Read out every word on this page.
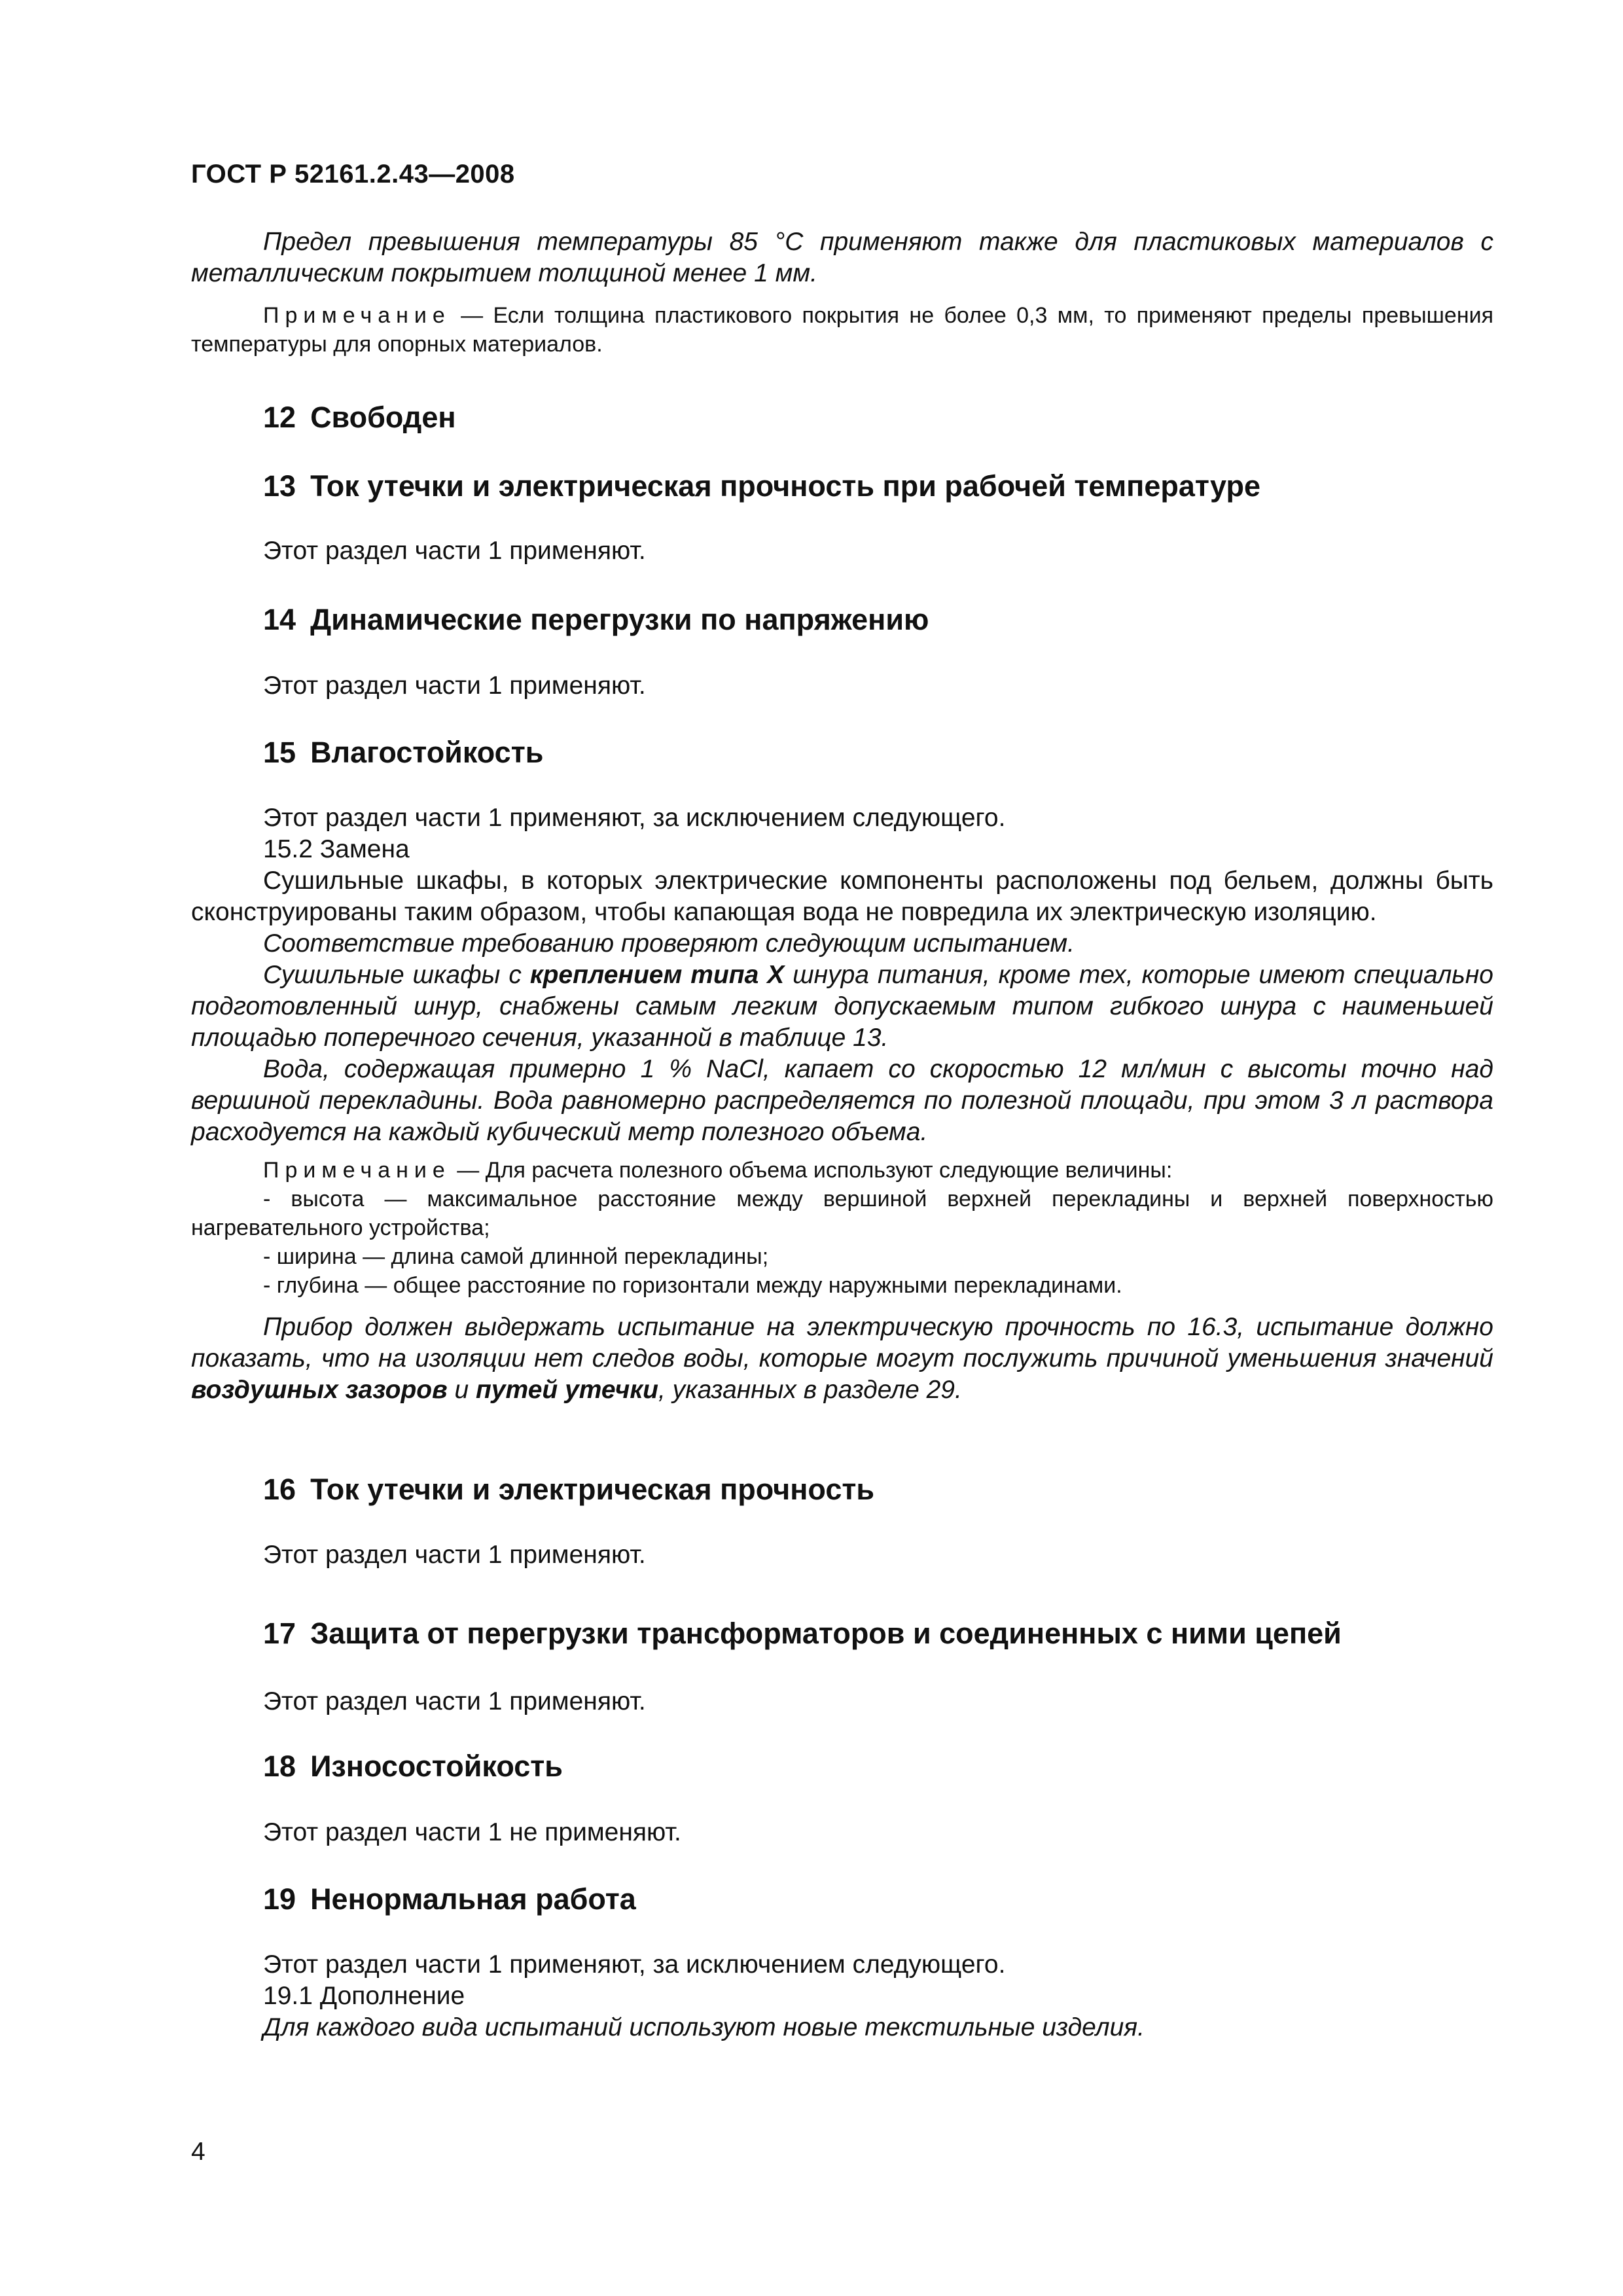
ГОСТ Р 52161.2.43—2008

Предел превышения температуры 85 °С применяют также для пластиковых материалов с металлическим покрытием толщиной менее 1 мм.

Примечание — Если толщина пластикового покрытия не более 0,3 мм, то применяют пределы превышения температуры для опорных материалов.

12 Свободен
13 Ток утечки и электрическая прочность при рабочей температуре

Этот раздел части 1 применяют.

14 Динамические перегрузки по напряжению

Этот раздел части 1 применяют.

15 Влагостойкость

Этот раздел части 1 применяют, за исключением следующего.

15.2 Замена

Сушильные шкафы, в которых электрические компоненты расположены под бельем, должны быть сконструированы таким образом, чтобы капающая вода не повредила их электрическую изоляцию.

Соответствие требованию проверяют следующим испытанием.

Сушильные шкафы с креплением типа X шнура питания, кроме тех, которые имеют специально подготовленный шнур, снабжены самым легким допускаемым типом гибкого шнура с наименьшей площадью поперечного сечения, указанной в таблице 13.

Вода, содержащая примерно 1 % NaCl, капает со скоростью 12 мл/мин с высоты точно над вершиной перекладины. Вода равномерно распределяется по полезной площади, при этом 3 л раствора расходуется на каждый кубический метр полезного объема.

Примечание — Для расчета полезного объема используют следующие величины:

- высота — максимальное расстояние между вершиной верхней перекладины и верхней поверхностью нагревательного устройства;

- ширина — длина самой длинной перекладины;

- глубина — общее расстояние по горизонтали между наружными перекладинами.

Прибор должен выдержать испытание на электрическую прочность по 16.3, испытание должно показать, что на изоляции нет следов воды, которые могут послужить причиной уменьшения значений воздушных зазоров и путей утечки, указанных в разделе 29.

16 Ток утечки и электрическая прочность

Этот раздел части 1 применяют.

17 Защита от перегрузки трансформаторов и соединенных с ними цепей

Этот раздел части 1 применяют.

18 Износостойкость

Этот раздел части 1 не применяют.

19 Ненормальная работа

Этот раздел части 1 применяют, за исключением следующего.

19.1 Дополнение

Для каждого вида испытаний используют новые текстильные изделия.

4
